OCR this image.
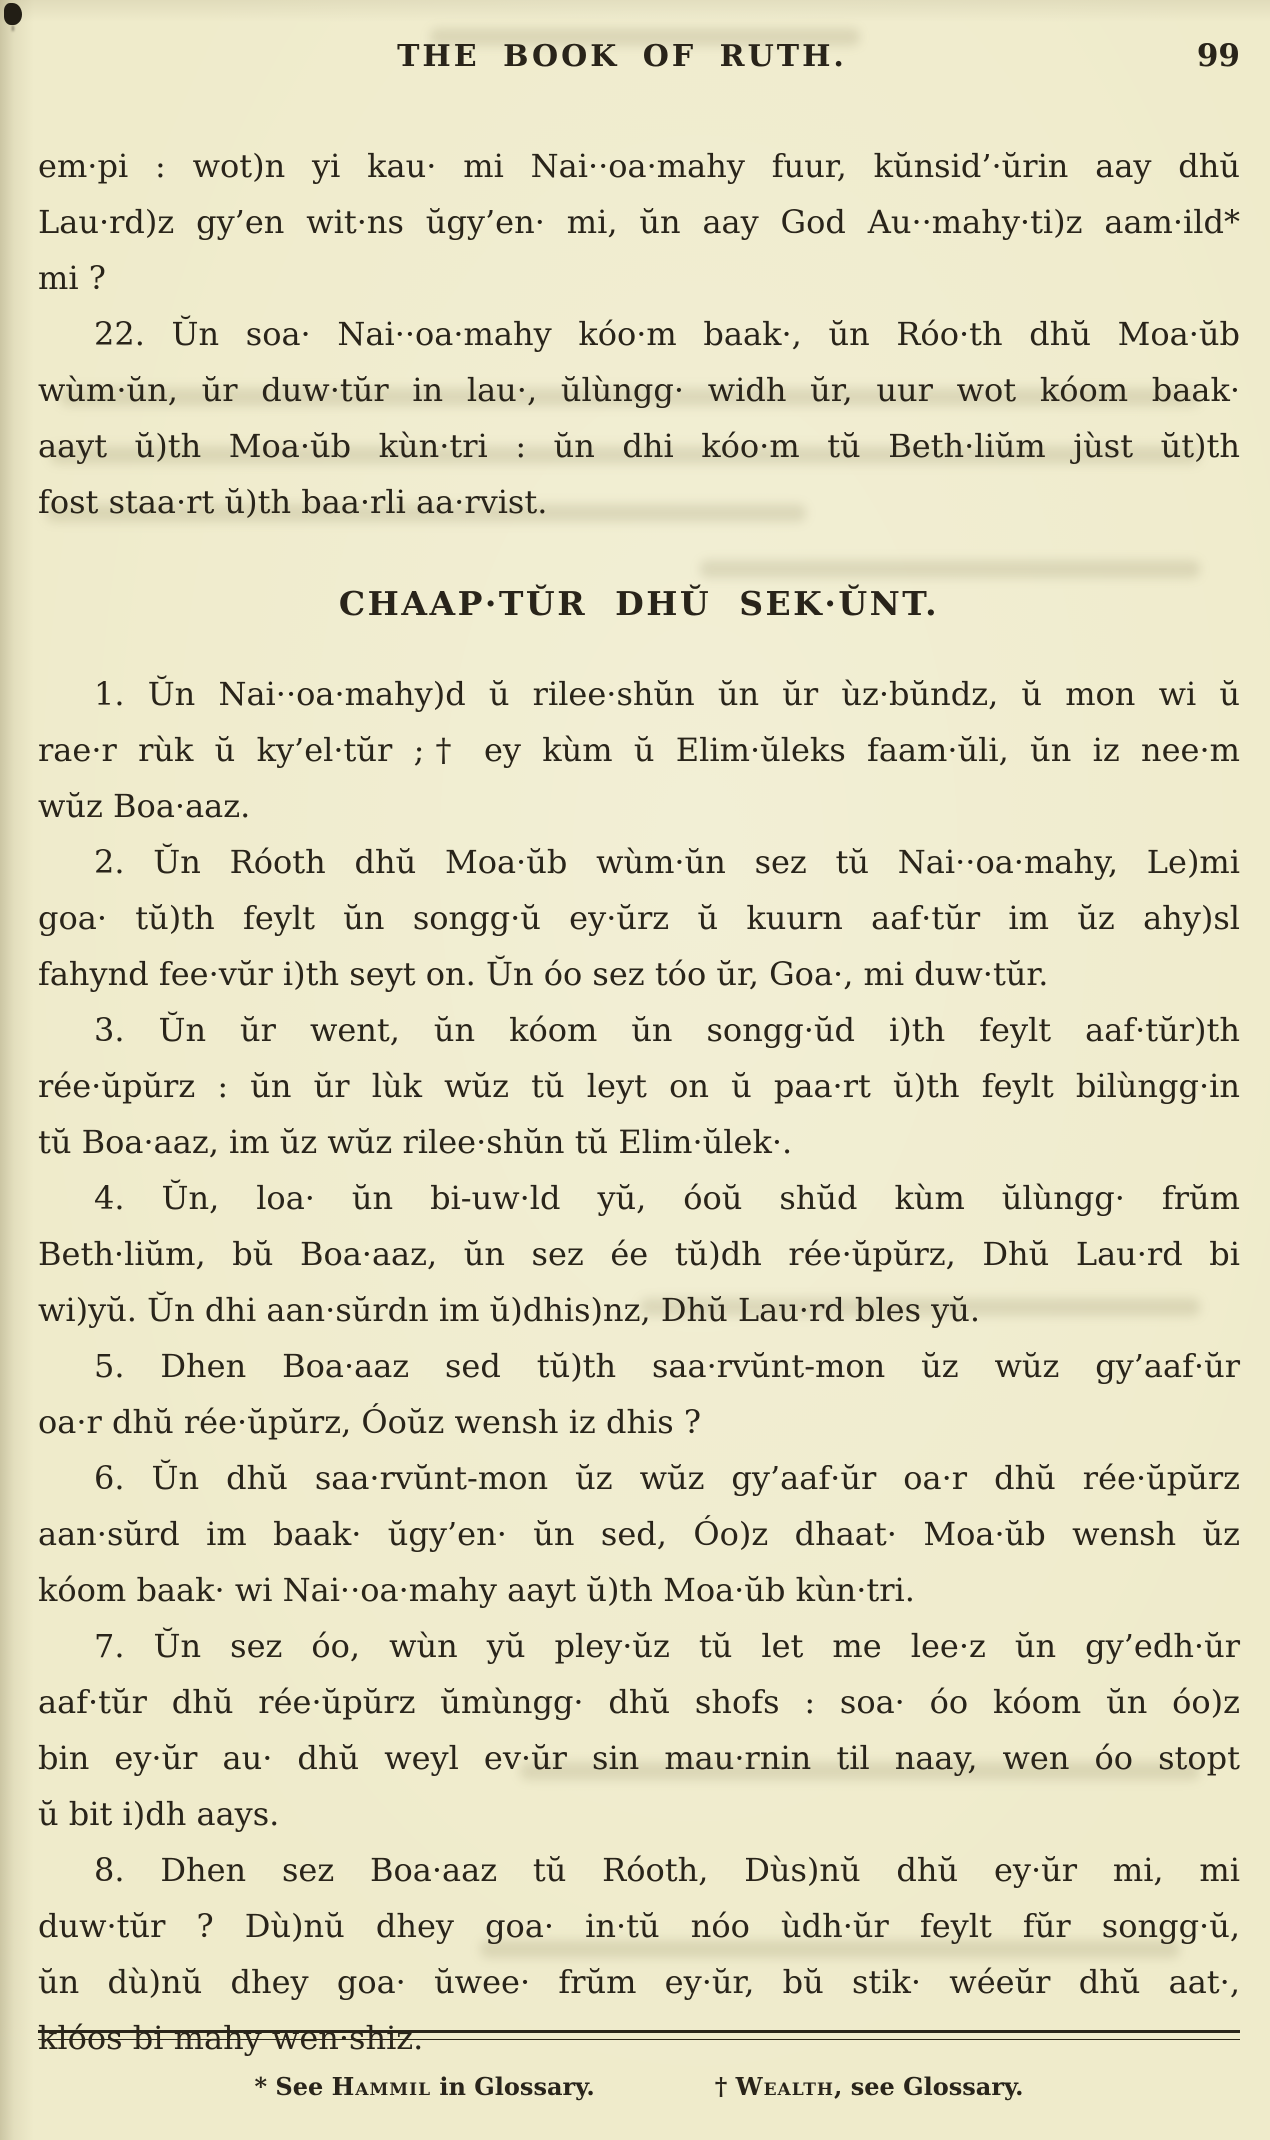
THE BOOK OF RUTH.	99
em·pi : wot)n yi kau· mi Nai··oa·mahy fuur, kŭnsid’·ŭrin aay dhŭ
Lau·rd)z gy’en wit·ns ŭgy’en· mi, ŭn aay God Au··mahy·ti)z aam·ild*
mi ?
22. Ŭn soa· Nai··oa·mahy kóo·m baak·, ŭn Róo·th dhŭ Moa·ŭb
wùm·ŭn, ŭr duw·tŭr in lau·, ŭlùngg· widh ŭr, uur wot kóom baak·
aayt ŭ)th Moa·ŭb kùn·tri : ŭn dhi kóo·m tŭ Beth·liŭm jùst ŭt)th
fost staa·rt ŭ)th baa·rli aa·rvist.
CHAAP·TŬR DHŬ SEK·ŬNT.
1. Ŭn Nai··oa·mahy)d ŭ rilee·shŭn ŭn ŭr ùz·bŭndz, ŭ mon wi ŭ
rae·r rùk ŭ ky’el·tŭr ;† ey kùm ŭ Elim·ŭleks faam·ŭli, ŭn iz nee·m
wŭz Boa·aaz.
2. Ŭn Róoth dhŭ Moa·ŭb wùm·ŭn sez tŭ Nai··oa·mahy, Le)mi
goa· tŭ)th feylt ŭn songg·ŭ ey·ŭrz ŭ kuurn aaf·tŭr im ŭz ahy)sl
fahynd fee·vŭr i)th seyt on. Ŭn óo sez tóo ŭr, Goa·, mi duw·tŭr.
3. Ŭn ŭr went, ŭn kóom ŭn songg·ŭd i)th feylt aaf·tŭr)th
rée·ŭpŭrz : ŭn ŭr lùk wŭz tŭ leyt on ŭ paa·rt ŭ)th feylt bilùngg·in
tŭ Boa·aaz, im ŭz wŭz rilee·shŭn tŭ Elim·ŭlek·.
4. Ŭn, loa· ŭn bi-uw·ld yŭ, óoŭ shŭd kùm ŭlùngg· frŭm
Beth·liŭm, bŭ Boa·aaz, ŭn sez ée tŭ)dh rée·ŭpŭrz, Dhŭ Lau·rd bi
wi)yŭ. Ŭn dhi aan·sŭrdn im ŭ)dhis)nz, Dhŭ Lau·rd bles yŭ.
5. Dhen Boa·aaz sed tŭ)th saa·rvŭnt-mon ŭz wŭz gy’aaf·ŭr
oa·r dhŭ rée·ŭpŭrz, Óoŭz wensh iz dhis ?
6. Ŭn dhŭ saa·rvŭnt-mon ŭz wŭz gy’aaf·ŭr oa·r dhŭ rée·ŭpŭrz
aan·sŭrd im baak· ŭgy’en· ŭn sed, Óo)z dhaat· Moa·ŭb wensh ŭz
kóom baak· wi Nai··oa·mahy aayt ŭ)th Moa·ŭb kùn·tri.
7. Ŭn sez óo, wùn yŭ pley·ŭz tŭ let me lee·z ŭn gy’edh·ŭr
aaf·tŭr dhŭ rée·ŭpŭrz ŭmùngg· dhŭ shofs : soa· óo kóom ŭn óo)z
bin ey·ŭr au· dhŭ weyl ev·ŭr sin mau·rnin til naay, wen óo stopt
ŭ bit i)dh aays.
8. Dhen sez Boa·aaz tŭ Róoth, Dùs)nŭ dhŭ ey·ŭr mi, mi
duw·tŭr ? Dù)nŭ dhey goa· in·tŭ nóo ùdh·ŭr feylt fŭr songg·ŭ,
ŭn dù)nŭ dhey goa· ŭwee· frŭm ey·ŭr, bŭ stik· wéeŭr dhŭ aat·,
klóos bi mahy wen·shiz.
* See Hammil in Glossary.	† Wealth, see Glossary.
